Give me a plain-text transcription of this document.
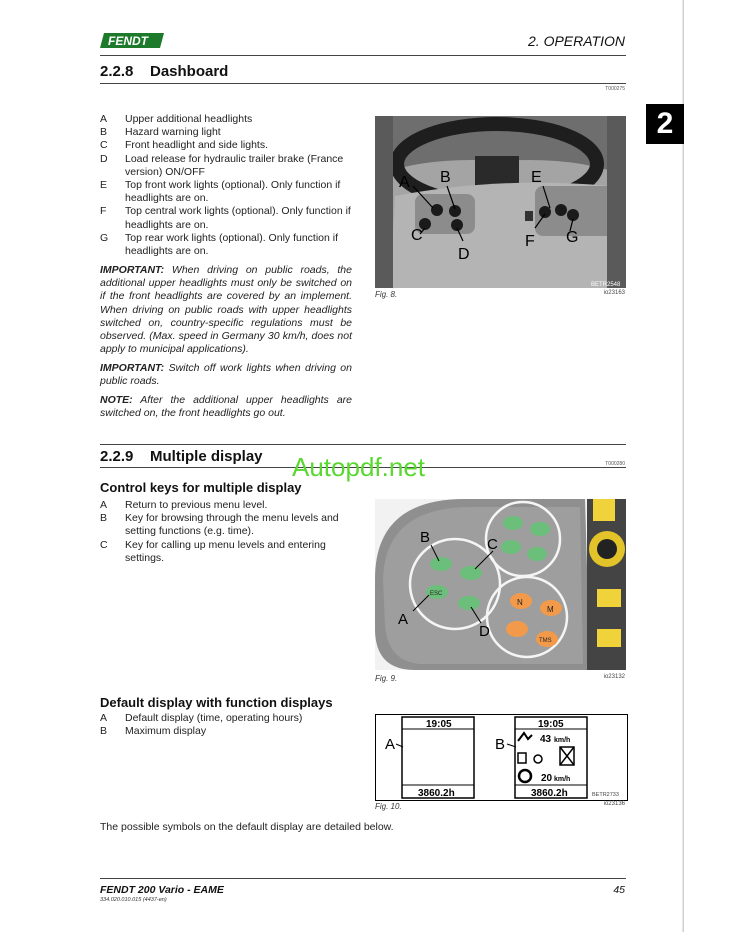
FENDT	2. OPERATION
2.2.8 Dashboard
T000275
A	Upper additional headlights
B	Hazard warning light
C	Front headlight and side lights.
D	Load release for hydraulic trailer brake (France version) ON/OFF
E	Top front work lights (optional). Only function if headlights are on.
F	Top central work lights (optional). Only function if headlights are on.
G	Top rear work lights (optional). Only function if headlights are on.
IMPORTANT: When driving on public roads, the additional upper headlights must only be switched on if the front headlights are covered by an implement. When driving on public roads with upper headlights switched on, country-specific regulations must be observed. (Max. speed in Germany 30 km/h, does not apply to municipal applications).
IMPORTANT: Switch off work lights when driving on public roads.
NOTE: After the additional upper headlights are switched on, the front headlights go out.
A B
C
D
E
F G
BETR2548
Fig. 8.	io23163
2.2.9 Multiple display	T000280
Control keys for multiple display
A	Return to previous menu level.
B	Key for browsing through the menu levels and setting functions (e.g. time).
C	Key for calling up menu levels and entering settings.
ESC
N
M
TMS
B	C
A
D
Fig. 9.	io23132
Default display with function displays
A	Default display (time, operating hours)
B	Maximum display
19:05
3860.2h
A
19:05
3860.2h
B	43 km/h
20 km/h
BETR2733
Fig. 10.	io23136
The possible symbols on the default display are detailed below.
Autopdf.net
FENDT 200 Vario - EAME
334.020.010.015 (4437-en)
45
2
